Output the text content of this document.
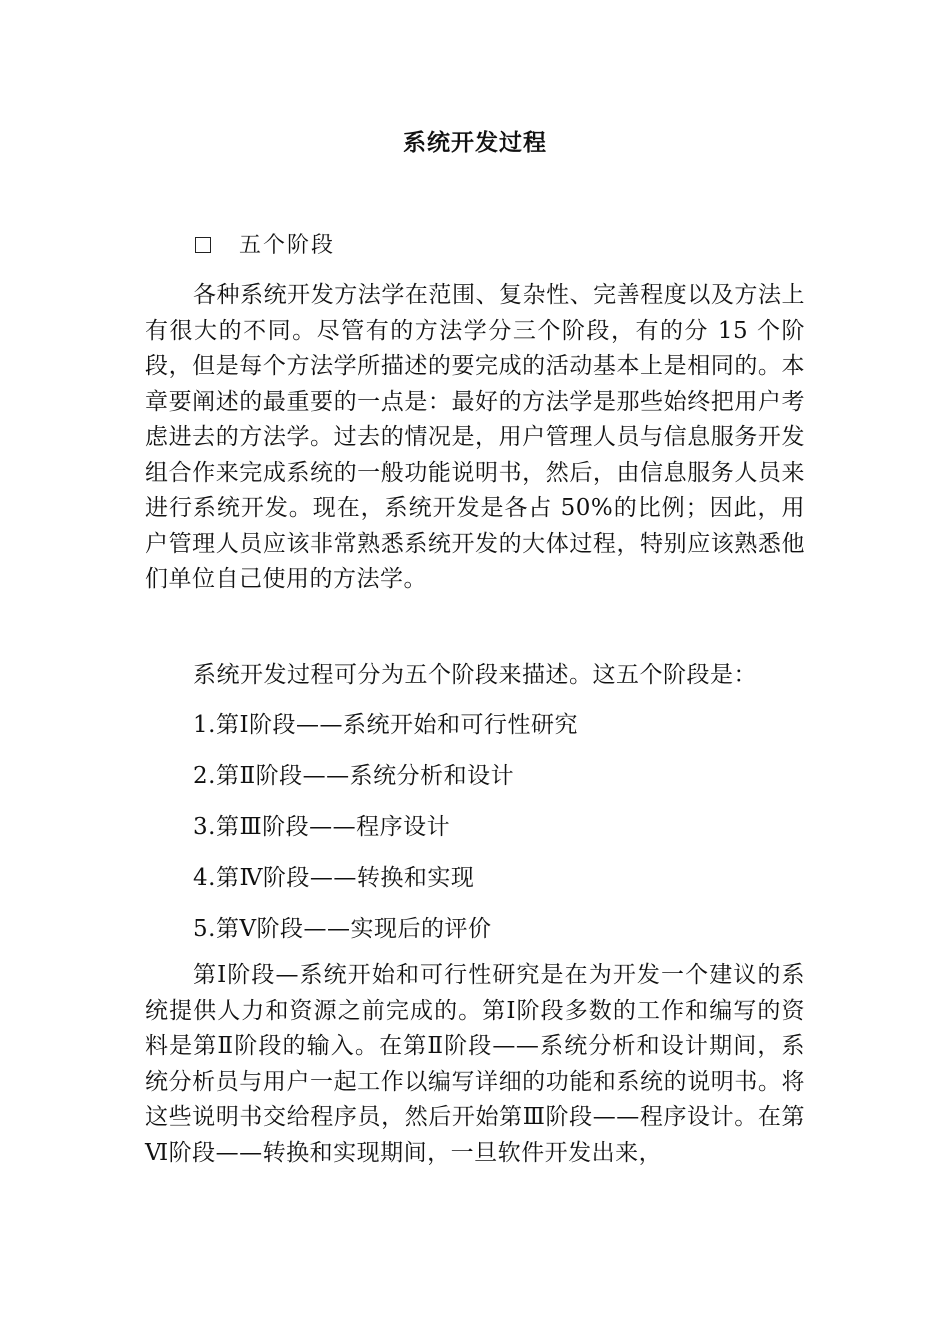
系统开发过程
五个阶段

各种系统开发方法学在范围、复杂性、完善程度以及方法上有很大的不同。尽管有的方法学分三个阶段，有的分 15 个阶段，但是每个方法学所描述的要完成的活动基本上是相同的。本章要阐述的最重要的一点是：最好的方法学是那些始终把用户考虑进去的方法学。过去的情况是，用户管理人员与信息服务开发组合作来完成系统的一般功能说明书，然后，由信息服务人员来进行系统开发。现在，系统开发是各占 50%的比例；因此，用户管理人员应该非常熟悉系统开发的大体过程，特别应该熟悉他们单位自己使用的方法学。

系统开发过程可分为五个阶段来描述。这五个阶段是：

1.第Ⅰ阶段——系统开始和可行性研究
2.第Ⅱ阶段——系统分析和设计
3.第Ⅲ阶段——程序设计
4.第Ⅳ阶段——转换和实现
5.第Ⅴ阶段——实现后的评价

第Ⅰ阶段—系统开始和可行性研究是在为开发一个建议的系统提供人力和资源之前完成的。第Ⅰ阶段多数的工作和编写的资料是第Ⅱ阶段的输入。在第Ⅱ阶段——系统分析和设计期间，系统分析员与用户一起工作以编写详细的功能和系统的说明书。将这些说明书交给程序员，然后开始第Ⅲ阶段——程序设计。在第Ⅵ阶段——转换和实现期间，一旦软件开发出来，
